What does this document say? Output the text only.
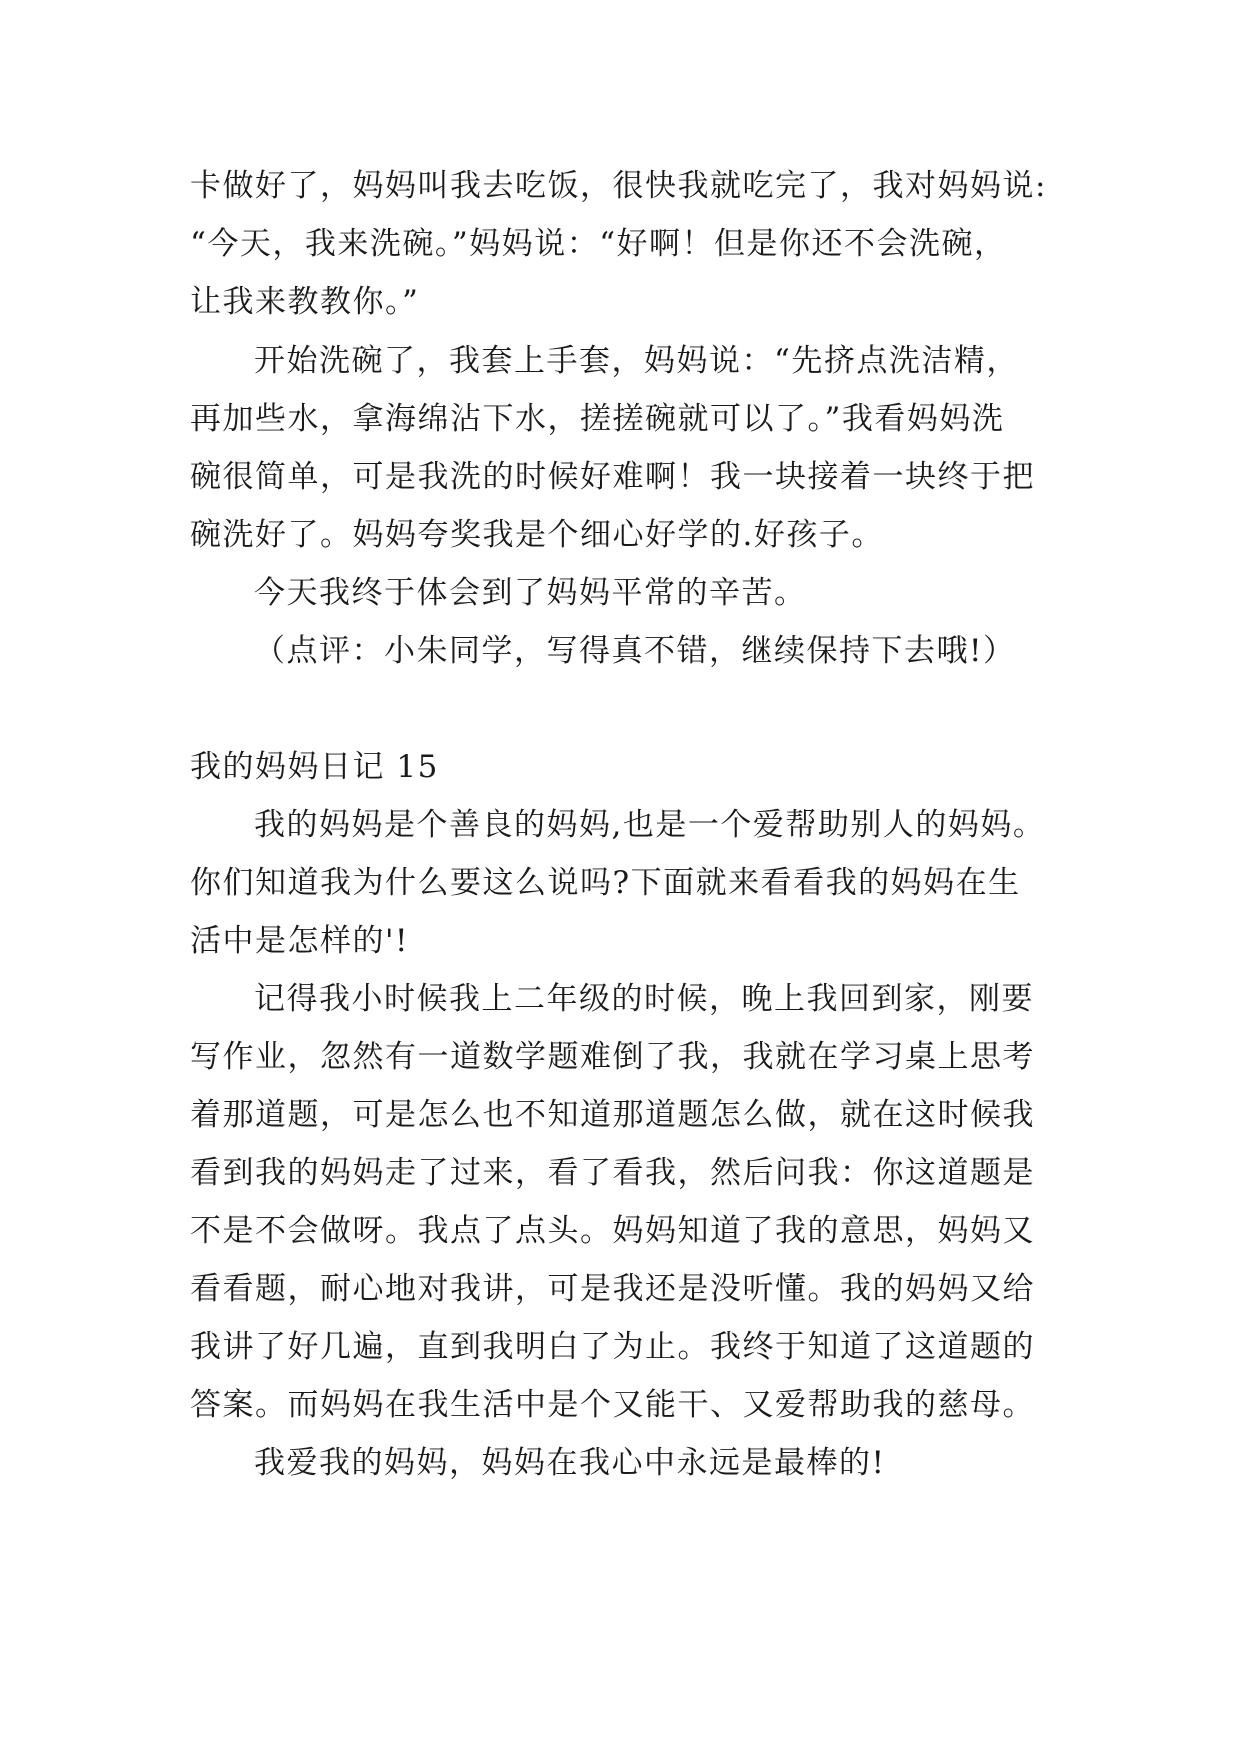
卡做好了，妈妈叫我去吃饭，很快我就吃完了，我对妈妈说:
“今天，我来洗碗。”妈妈说：“好啊！但是你还不会洗碗，
让我来教教你。”
开始洗碗了，我套上手套，妈妈说：“先挤点洗洁精，
再加些水，拿海绵沾下水，搓搓碗就可以了。”我看妈妈洗
碗很简单，可是我洗的时候好难啊！我一块接着一块终于把
碗洗好了。妈妈夸奖我是个细心好学的.好孩子。
今天我终于体会到了妈妈平常的辛苦。
（点评：小朱同学，写得真不错，继续保持下去哦!）
我的妈妈日记 15
我的妈妈是个善良的妈妈,也是一个爱帮助别人的妈妈。
你们知道我为什么要这么说吗?下面就来看看我的妈妈在生
活中是怎样的'!
记得我小时候我上二年级的时候，晚上我回到家，刚要
写作业，忽然有一道数学题难倒了我，我就在学习桌上思考
着那道题，可是怎么也不知道那道题怎么做，就在这时候我
看到我的妈妈走了过来，看了看我，然后问我：你这道题是
不是不会做呀。我点了点头。妈妈知道了我的意思，妈妈又
看看题，耐心地对我讲，可是我还是没听懂。我的妈妈又给
我讲了好几遍，直到我明白了为止。我终于知道了这道题的
答案。而妈妈在我生活中是个又能干、又爱帮助我的慈母。
我爱我的妈妈，妈妈在我心中永远是最棒的!
